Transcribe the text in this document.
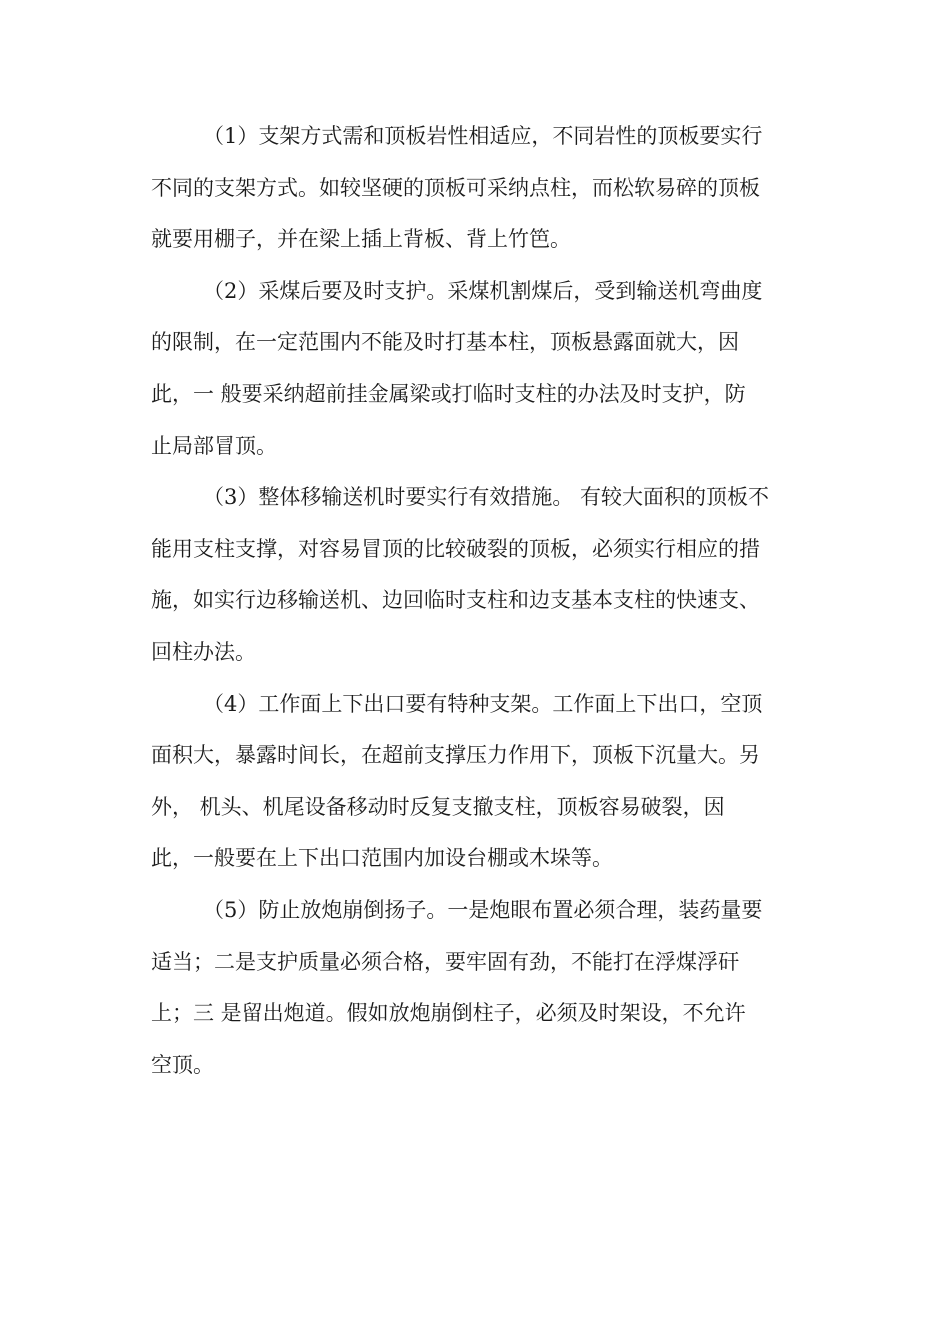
（1）支架方式需和顶板岩性相适应，不同岩性的顶板要实行
不同的支架方式。如较坚硬的顶板可采纳点柱，而松软易碎的顶板
就要用棚子，并在梁上插上背板、背上竹笆。
（2）采煤后要及时支护。采煤机割煤后，受到输送机弯曲度
的限制，在一定范围内不能及时打基本柱，顶板悬露面就大，因
此，一 般要采纳超前挂金属梁或打临时支柱的办法及时支护，防
止局部冒顶。
（3）整体移输送机时要实行有效措施。 有较大面积的顶板不
能用支柱支撑，对容易冒顶的比较破裂的顶板，必须实行相应的措
施，如实行边移输送机、边回临时支柱和边支基本支柱的快速支、
回柱办法。
（4）工作面上下出口要有特种支架。工作面上下出口，空顶
面积大，暴露时间长，在超前支撑压力作用下，顶板下沉量大。另
外， 机头、机尾设备移动时反复支撤支柱，顶板容易破裂，因
此，一般要在上下出口范围内加设台棚或木垛等。
（5）防止放炮崩倒扬子。一是炮眼布置必须合理，装药量要
适当；二是支护质量必须合格，要牢固有劲，不能打在浮煤浮矸
上；三 是留出炮道。假如放炮崩倒柱子，必须及时架设，不允许
空顶。
